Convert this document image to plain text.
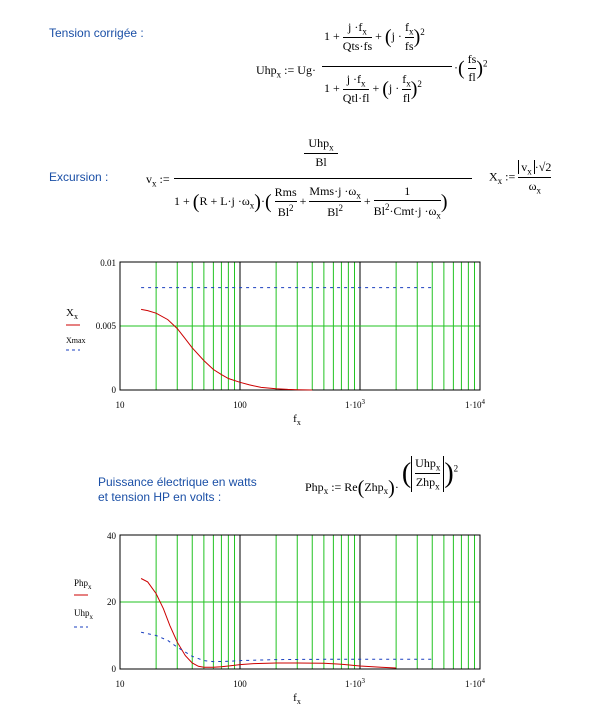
Tension corrigée :
Uhp$_x$ := Ug·
$1 + \frac{j \cdot f_x}{\text{Qts·fs}} + (j \cdot \frac{f_x}{fs} )^2$
·( $\frac{fs}{fl} )^2$
$1 + \frac{j \cdot f_x}{\text{Qtl·fl}} + (j \cdot \frac{f_x}{fl} )^2$
Excursion :	$v_x$ :=
$\frac{Uhp_x}{Bl}$
$1 + (R + L\cdot j \cdot\omega_x)\cdot( \frac{\text{Rms}}{Bl^2} + \frac{Mms\cdot j \cdot\omega_x}{Bl^2} + \frac{1}{Bl^2\cdot Cmt\cdot j \cdot\omega_x}$ )
$X_x$ := $\frac{v_x \cdot√2}{\omega_x}$
0.01
0.005
0
10	100	$1\cdot 10^3$	$1\cdot 10^4$
$f_x$
$X_x$
Xmax
Puissance électrique en watts
et tension HP en volts :
Php$_x$ := Re(Zhp$_x$)· ( $\frac{Uhp_x}{Zhp_x} )^2$
40
20
0
10	100	$1\cdot 10^3$	$1\cdot 10^4$
$f_x$
Php$_x$
Uhp$_x$
